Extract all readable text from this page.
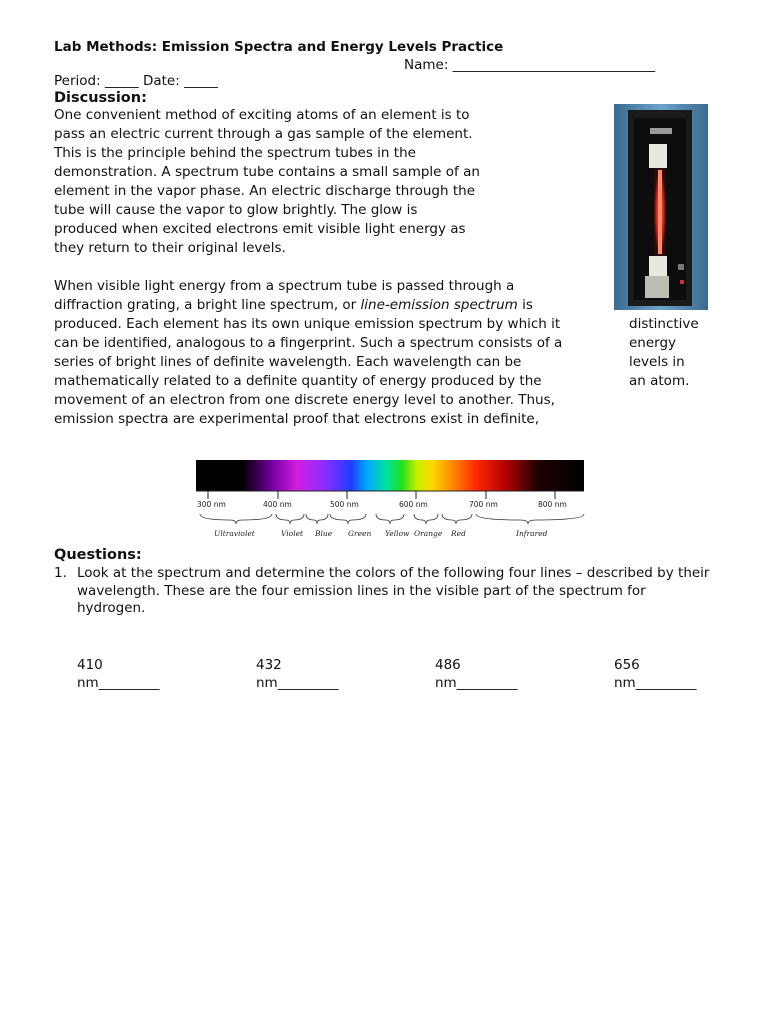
Lab Methods: Emission Spectra and Energy Levels Practice
Name: ______________________________
Period: _____ Date: _____
Discussion:
One convenient method of exciting atoms of an element is to
pass an electric current through a gas sample of the element.
This is the principle behind the spectrum tubes in the
demonstration. A spectrum tube contains a small sample of an
element in the vapor phase. An electric discharge through the
tube will cause the vapor to glow brightly. The glow is
produced when excited electrons emit visible light energy as
they return to their original levels.
When visible light energy from a spectrum tube is passed through a
diffraction grating, a bright line spectrum, or line-emission spectrum is
produced. Each element has its own unique emission spectrum by which it
can be identified, analogous to a fingerprint. Such a spectrum consists of a
series of bright lines of definite wavelength. Each wavelength can be
mathematically related to a definite quantity of energy produced by the
movement of an electron from one discrete energy level to another. Thus,
emission spectra are experimental proof that electrons exist in definite,
distinctive
energy
levels in
an atom.
300 nm	400 nm	500 nm	600 nm	700 nm	800 nm
Ultraviolet	Violet Blue Green Yellow Orange Red	Infrared
Questions:
1. Look at the spectrum and determine the colors of the following four lines – described by their
wavelength. These are the four emission lines in the visible part of the spectrum for
hydrogen.
410
nm_________
432
nm_________
486
nm_________
656
nm_________
